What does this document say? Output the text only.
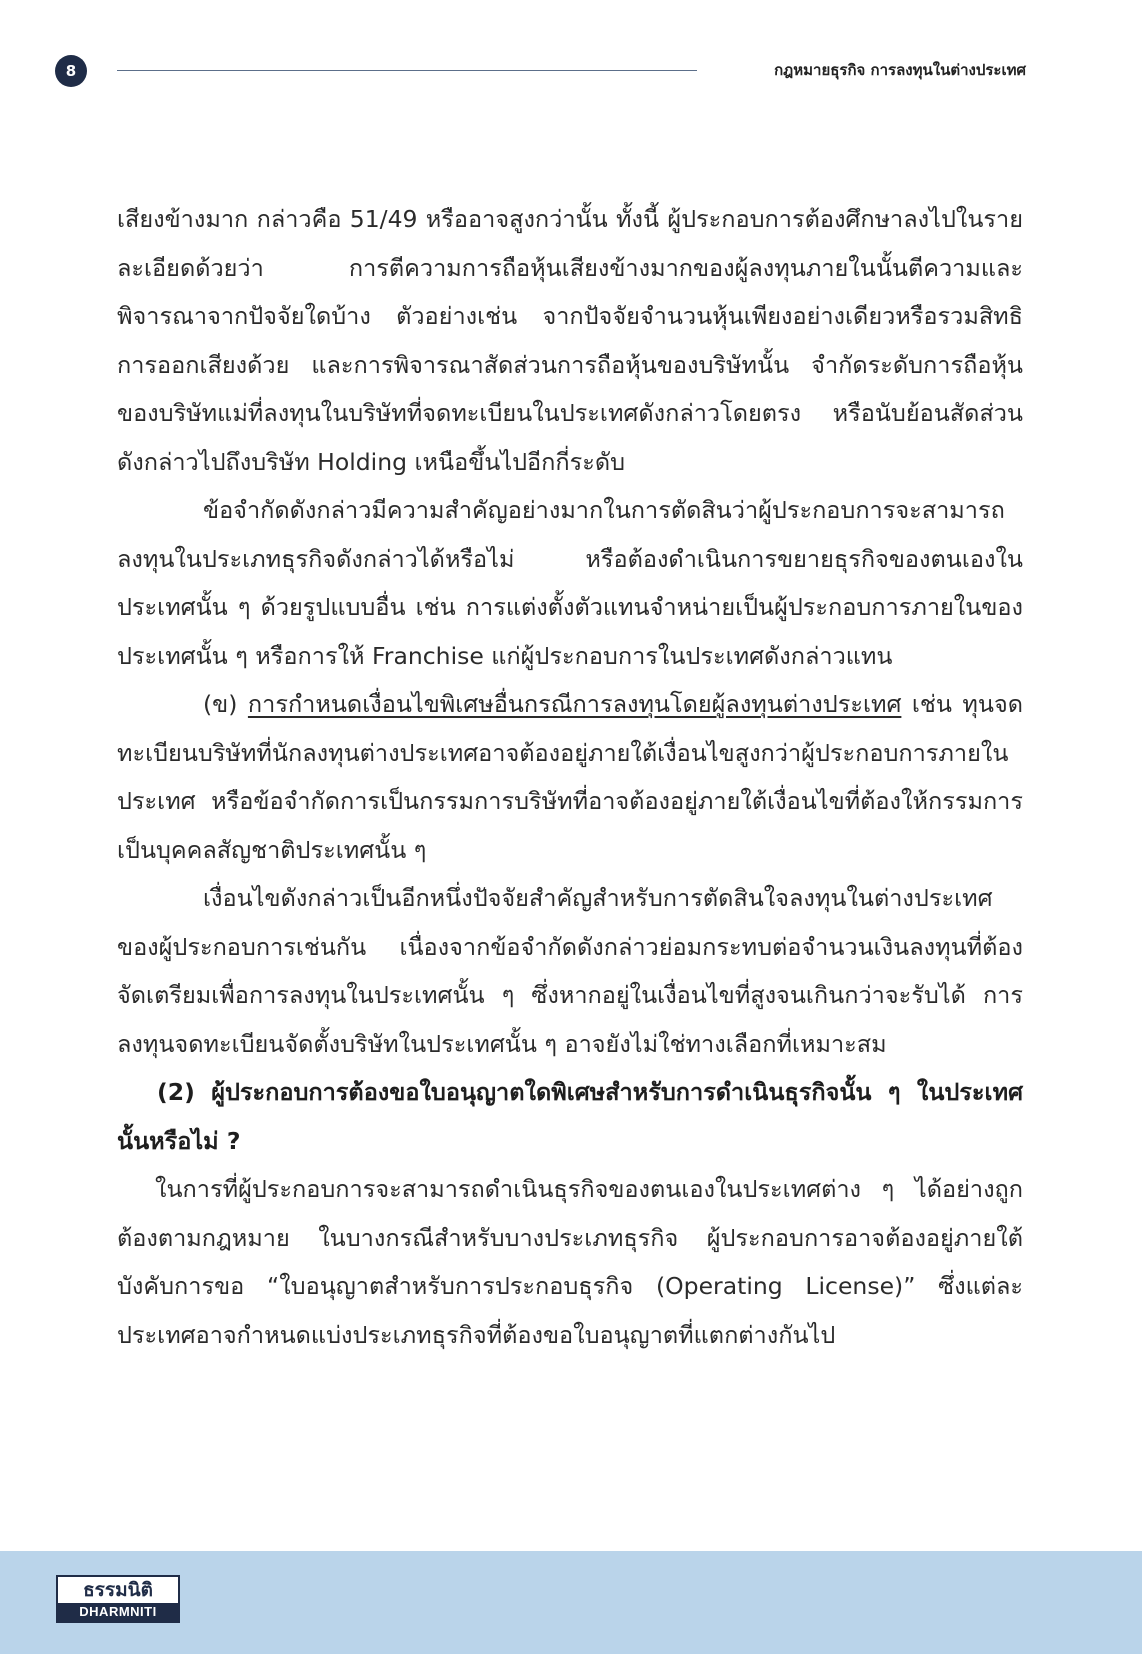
8	กฎหมายธุรกิจ การลงทุนในต่างประเทศ

เสียงข้างมาก กล่าวคือ 51/49 หรืออาจสูงกว่านั้น ทั้งนี้ ผู้ประกอบการต้องศึกษาลงไปในรายละเอียดด้วยว่า การตีความการถือหุ้นเสียงข้างมากของผู้ลงทุนภายในนั้นตีความและพิจารณาจากปัจจัยใดบ้าง ตัวอย่างเช่น จากปัจจัยจำนวนหุ้นเพียงอย่างเดียวหรือรวมสิทธิการออกเสียงด้วย และการพิจารณาสัดส่วนการถือหุ้นของบริษัทนั้น จำกัดระดับการถือหุ้นของบริษัทแม่ที่ลงทุนในบริษัทที่จดทะเบียนในประเทศดังกล่าวโดยตรง หรือนับย้อนสัดส่วนดังกล่าวไปถึงบริษัท Holding เหนือขึ้นไปอีกกี่ระดับ

ข้อจำกัดดังกล่าวมีความสำคัญอย่างมากในการตัดสินว่าผู้ประกอบการจะสามารถลงทุนในประเภทธุรกิจดังกล่าวได้หรือไม่ หรือต้องดำเนินการขยายธุรกิจของตนเองในประเทศนั้น ๆ ด้วยรูปแบบอื่น เช่น การแต่งตั้งตัวแทนจำหน่ายเป็นผู้ประกอบการภายในของประเทศนั้น ๆ หรือการให้ Franchise แก่ผู้ประกอบการในประเทศดังกล่าวแทน

(ข) การกำหนดเงื่อนไขพิเศษอื่นกรณีการลงทุนโดยผู้ลงทุนต่างประเทศ เช่น ทุนจดทะเบียนบริษัทที่นักลงทุนต่างประเทศอาจต้องอยู่ภายใต้เงื่อนไขสูงกว่าผู้ประกอบการภายในประเทศ หรือข้อจำกัดการเป็นกรรมการบริษัทที่อาจต้องอยู่ภายใต้เงื่อนไขที่ต้องให้กรรมการเป็นบุคคลสัญชาติประเทศนั้น ๆ

เงื่อนไขดังกล่าวเป็นอีกหนึ่งปัจจัยสำคัญสำหรับการตัดสินใจลงทุนในต่างประเทศของผู้ประกอบการเช่นกัน เนื่องจากข้อจำกัดดังกล่าวย่อมกระทบต่อจำนวนเงินลงทุนที่ต้องจัดเตรียมเพื่อการลงทุนในประเทศนั้น ๆ ซึ่งหากอยู่ในเงื่อนไขที่สูงจนเกินกว่าจะรับได้ การลงทุนจดทะเบียนจัดตั้งบริษัทในประเทศนั้น ๆ อาจยังไม่ใช่ทางเลือกที่เหมาะสม

(2) ผู้ประกอบการต้องขอใบอนุญาตใดพิเศษสำหรับการดำเนินธุรกิจนั้น ๆ ในประเทศนั้นหรือไม่ ?

ในการที่ผู้ประกอบการจะสามารถดำเนินธุรกิจของตนเองในประเทศต่าง ๆ ได้อย่างถูกต้องตามกฎหมาย ในบางกรณีสำหรับบางประเภทธุรกิจ ผู้ประกอบการอาจต้องอยู่ภายใต้บังคับการขอ “ใบอนุญาตสำหรับการประกอบธุรกิจ (Operating License)” ซึ่งแต่ละประเทศอาจกำหนดแบ่งประเภทธุรกิจที่ต้องขอใบอนุญาตที่แตกต่างกันไป

ธรรมนิติ
DHARMNITI
